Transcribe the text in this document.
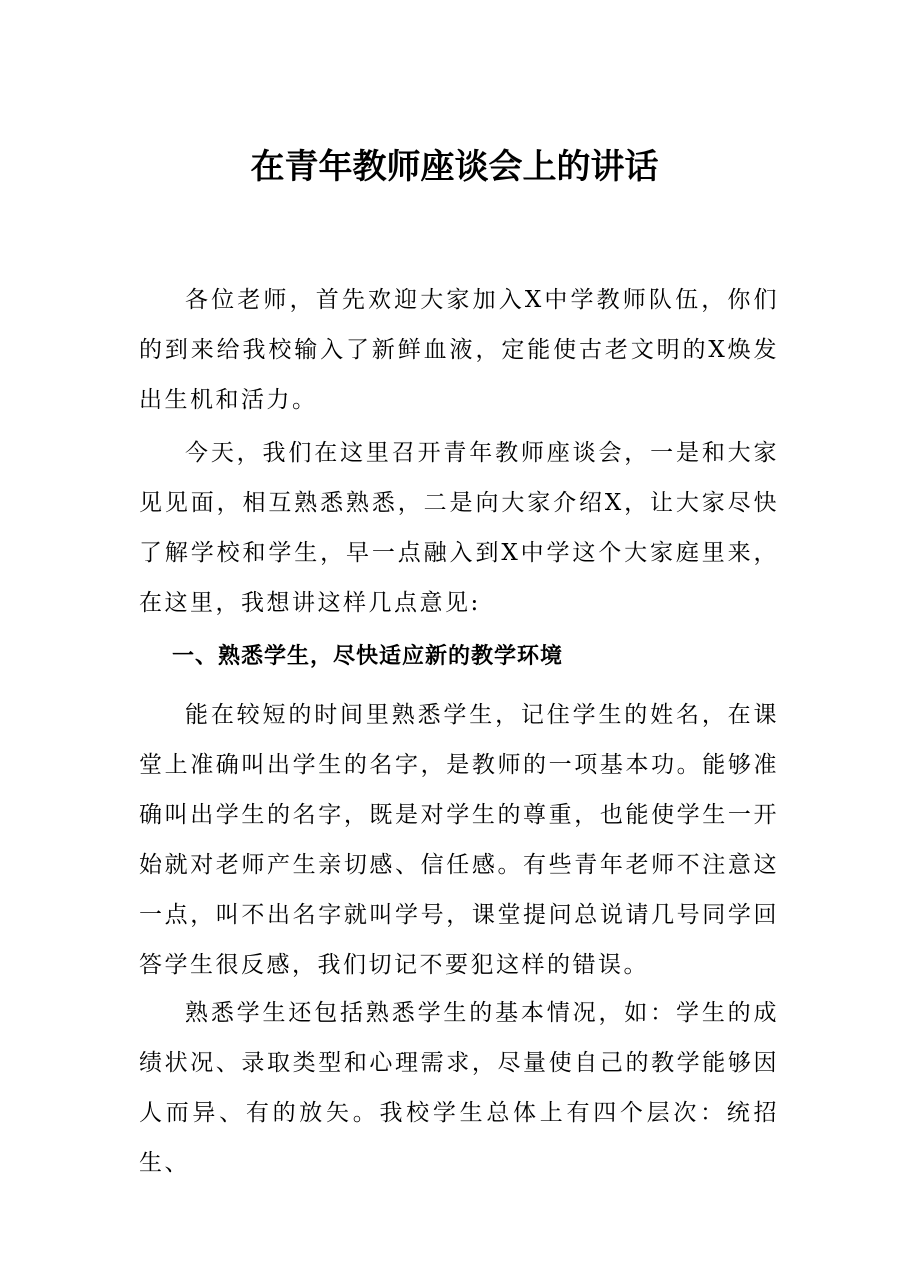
在青年教师座谈会上的讲话

各位老师，首先欢迎大家加入X中学教师队伍，你们的到来给我校输入了新鲜血液，定能使古老文明的X焕发出生机和活力。

今天，我们在这里召开青年教师座谈会，一是和大家见见面，相互熟悉熟悉，二是向大家介绍X，让大家尽快了解学校和学生，早一点融入到X中学这个大家庭里来，在这里，我想讲这样几点意见:

一、熟悉学生，尽快适应新的教学环境

能在较短的时间里熟悉学生，记住学生的姓名，在课堂上准确叫出学生的名字，是教师的一项基本功。能够准确叫出学生的名字，既是对学生的尊重，也能使学生一开始就对老师产生亲切感、信任感。有些青年老师不注意这一点，叫不出名字就叫学号，课堂提问总说请几号同学回答学生很反感，我们切记不要犯这样的错误。

熟悉学生还包括熟悉学生的基本情况，如：学生的成绩状况、录取类型和心理需求，尽量使自己的教学能够因人而异、有的放矢。我校学生总体上有四个层次：统招生、
